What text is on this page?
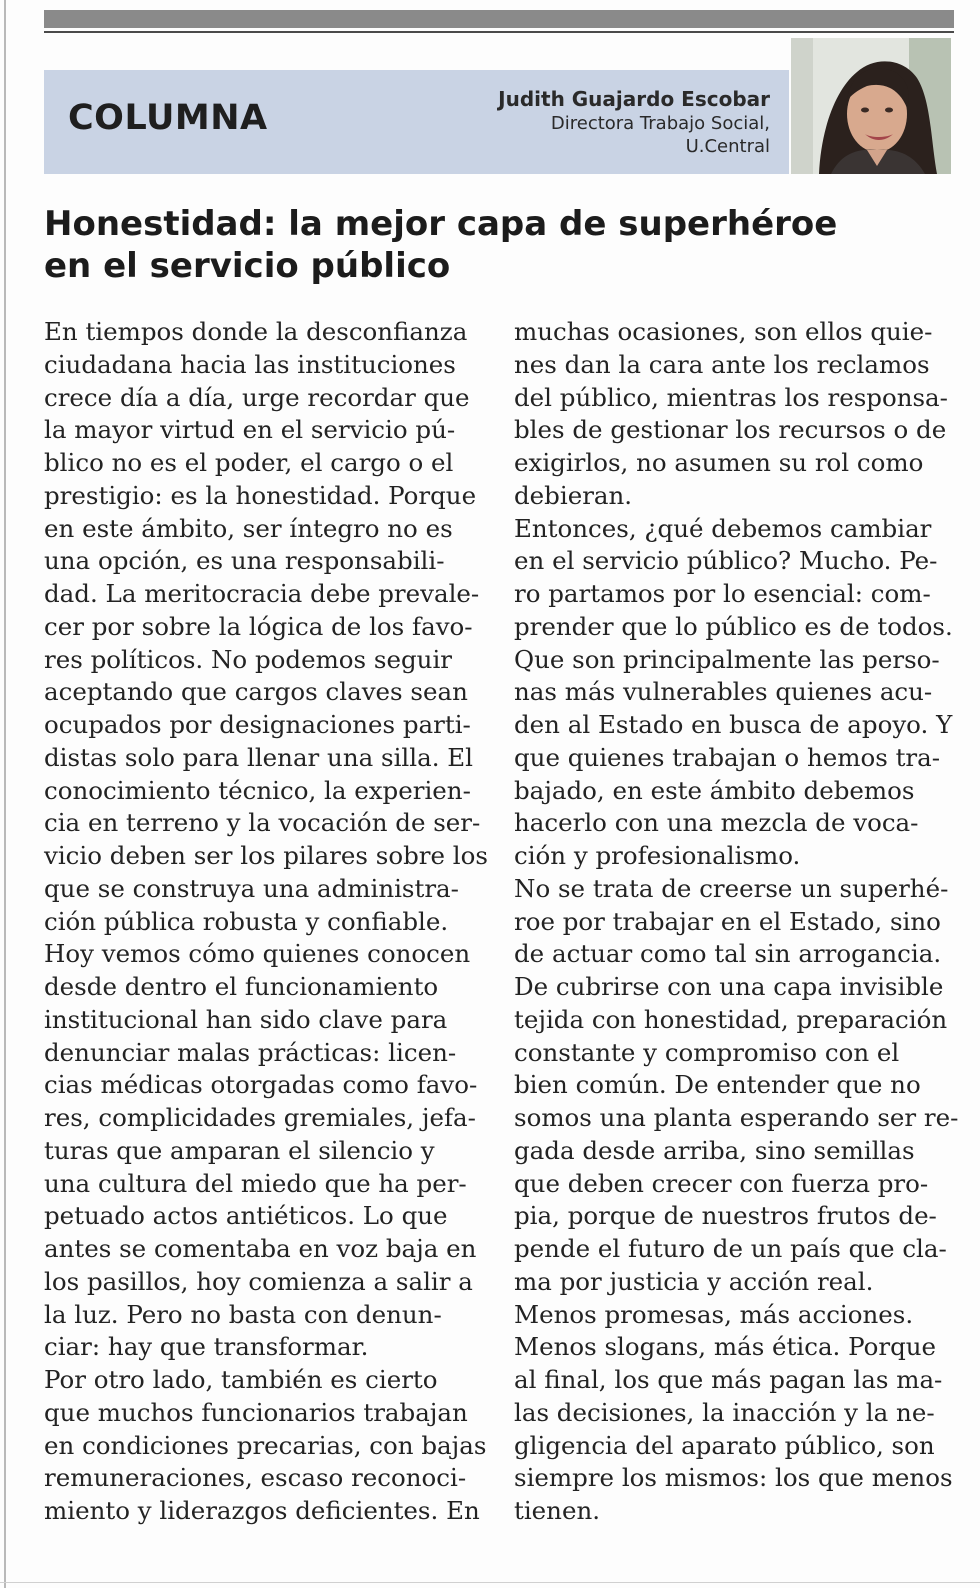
COLUMNA	Judith Guajardo Escobar
Directora Trabajo Social,
U.Central
Honestidad: la mejor capa de superhéroe
en el servicio público
En tiempos donde la desconfianza
ciudadana hacia las instituciones
crece día a día, urge recordar que
la mayor virtud en el servicio pú-
blico no es el poder, el cargo o el
prestigio: es la honestidad. Porque
en este ámbito, ser íntegro no es
una opción, es una responsabili-
dad. La meritocracia debe prevale-
cer por sobre la lógica de los favo-
res políticos. No podemos seguir
aceptando que cargos claves sean
ocupados por designaciones parti-
distas solo para llenar una silla. El
conocimiento técnico, la experien-
cia en terreno y la vocación de ser-
vicio deben ser los pilares sobre los
que se construya una administra-
ción pública robusta y confiable.
Hoy vemos cómo quienes conocen
desde dentro el funcionamiento
institucional han sido clave para
denunciar malas prácticas: licen-
cias médicas otorgadas como favo-
res, complicidades gremiales, jefa-
turas que amparan el silencio y
una cultura del miedo que ha per-
petuado actos antiéticos. Lo que
antes se comentaba en voz baja en
los pasillos, hoy comienza a salir a
la luz. Pero no basta con denun-
ciar: hay que transformar.
Por otro lado, también es cierto
que muchos funcionarios trabajan
en condiciones precarias, con bajas
remuneraciones, escaso reconoci-
miento y liderazgos deficientes. En
muchas ocasiones, son ellos quie-
nes dan la cara ante los reclamos
del público, mientras los responsa-
bles de gestionar los recursos o de
exigirlos, no asumen su rol como
debieran.
Entonces, ¿qué debemos cambiar
en el servicio público? Mucho. Pe-
ro partamos por lo esencial: com-
prender que lo público es de todos.
Que son principalmente las perso-
nas más vulnerables quienes acu-
den al Estado en busca de apoyo. Y
que quienes trabajan o hemos tra-
bajado, en este ámbito debemos
hacerlo con una mezcla de voca-
ción y profesionalismo.
No se trata de creerse un superhé-
roe por trabajar en el Estado, sino
de actuar como tal sin arrogancia.
De cubrirse con una capa invisible
tejida con honestidad, preparación
constante y compromiso con el
bien común. De entender que no
somos una planta esperando ser re-
gada desde arriba, sino semillas
que deben crecer con fuerza pro-
pia, porque de nuestros frutos de-
pende el futuro de un país que cla-
ma por justicia y acción real.
Menos promesas, más acciones.
Menos slogans, más ética. Porque
al final, los que más pagan las ma-
las decisiones, la inacción y la ne-
gligencia del aparato público, son
siempre los mismos: los que menos
tienen.
